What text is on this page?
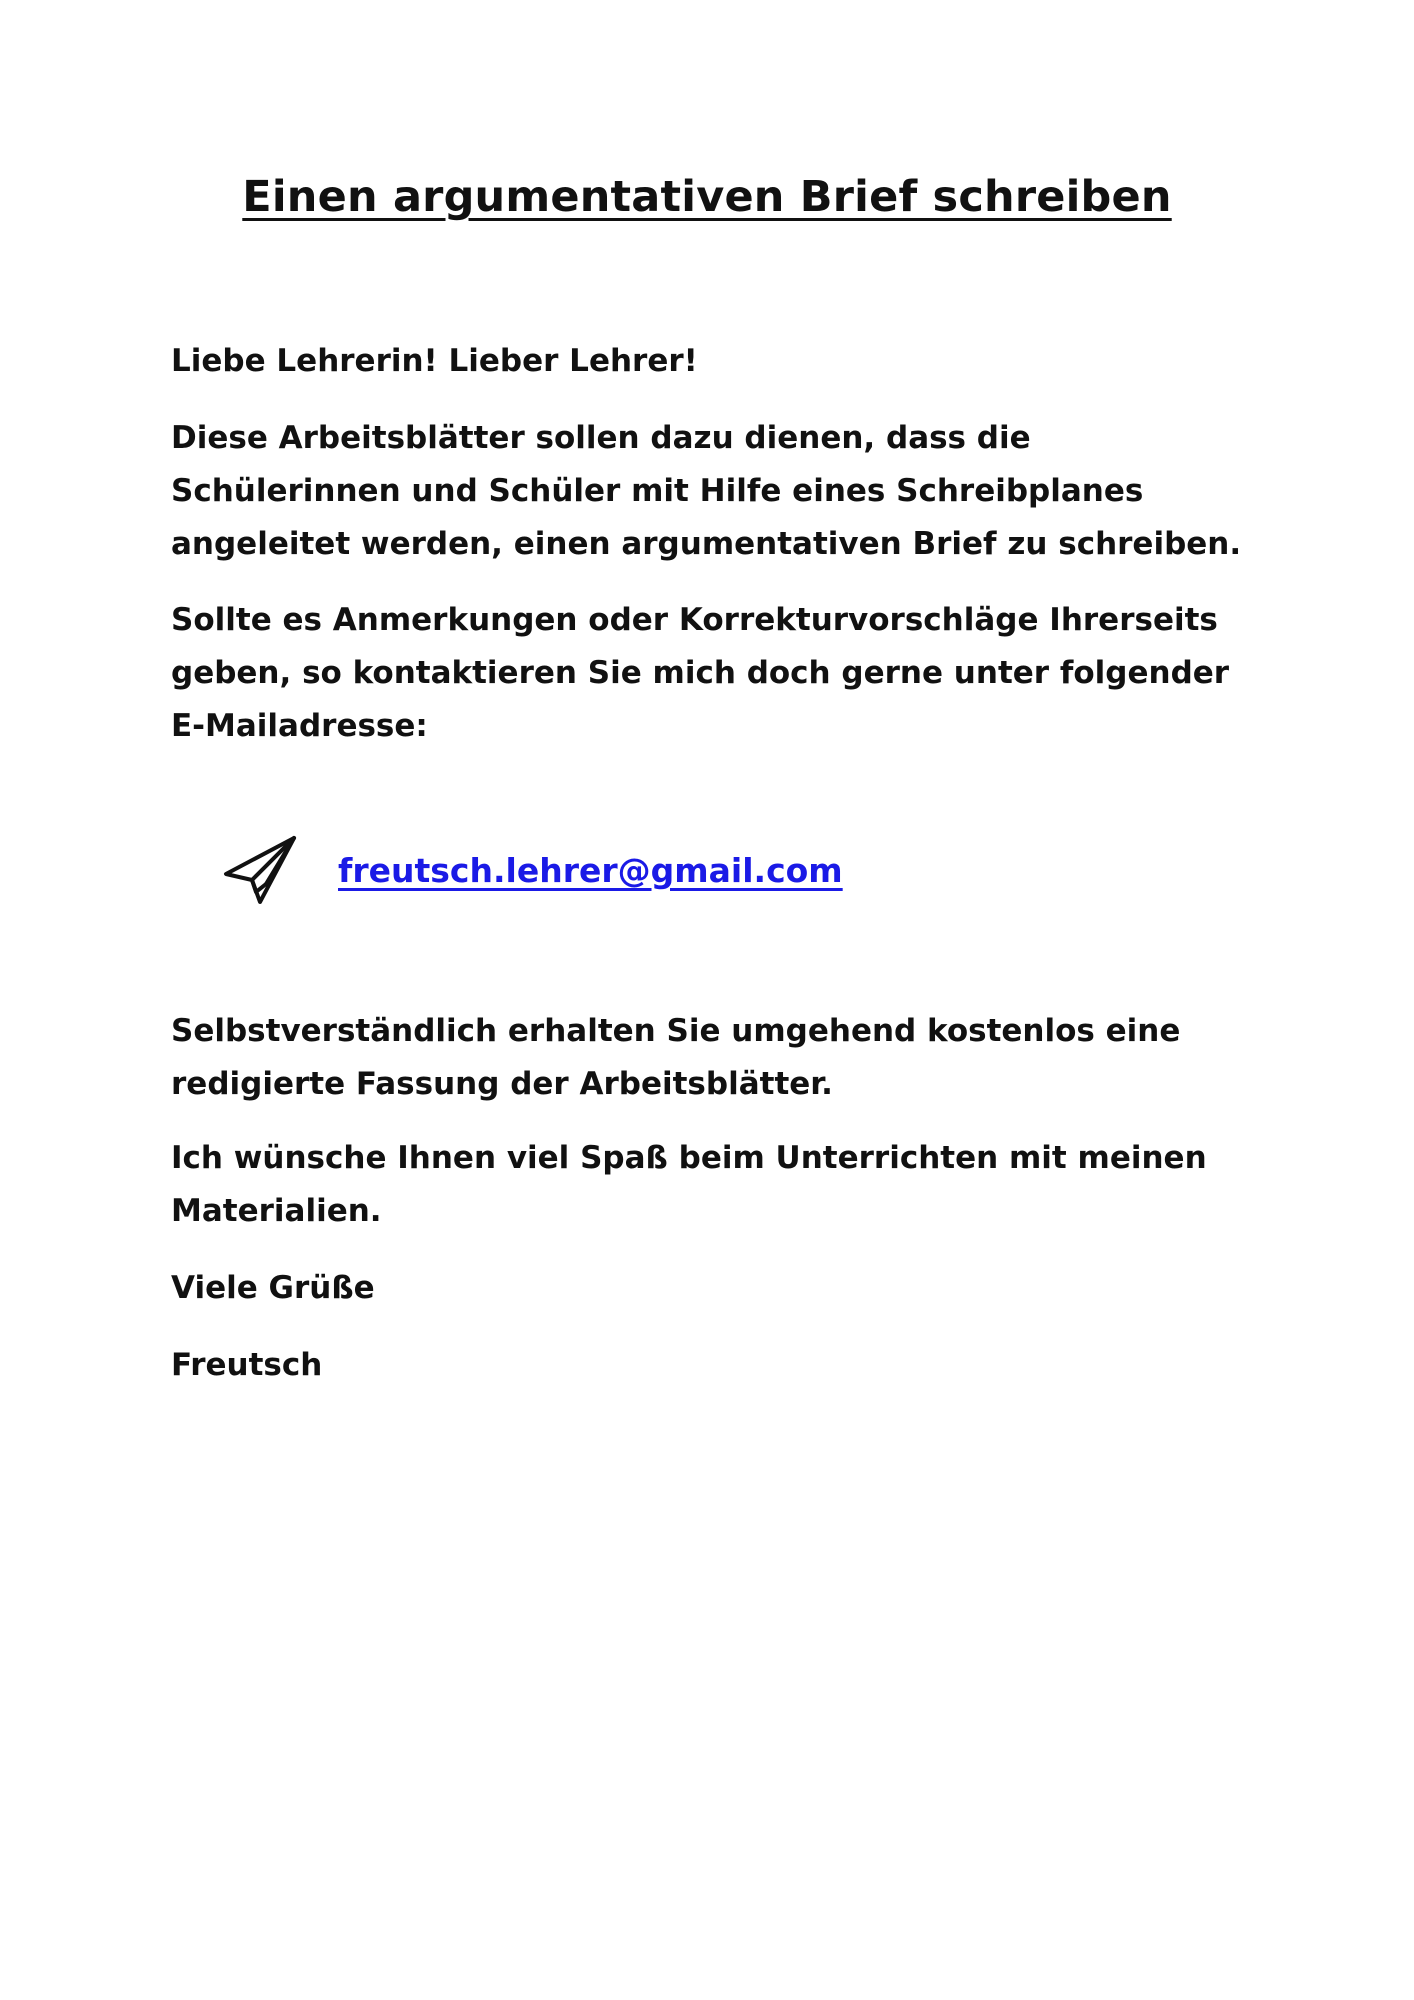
Einen argumentativen Brief schreiben

Liebe Lehrerin! Lieber Lehrer!

Diese Arbeitsblätter sollen dazu dienen, dass die Schülerinnen und Schüler mit Hilfe eines Schreibplanes angeleitet werden, einen argumentativen Brief zu schreiben.

Sollte es Anmerkungen oder Korrekturvorschläge Ihrerseits geben, so kontaktieren Sie mich doch gerne unter folgender E-Mailadresse:

freutsch.lehrer@gmail.com

Selbstverständlich erhalten Sie umgehend kostenlos eine redigierte Fassung der Arbeitsblätter.

Ich wünsche Ihnen viel Spaß beim Unterrichten mit meinen Materialien.

Viele Grüße

Freutsch
